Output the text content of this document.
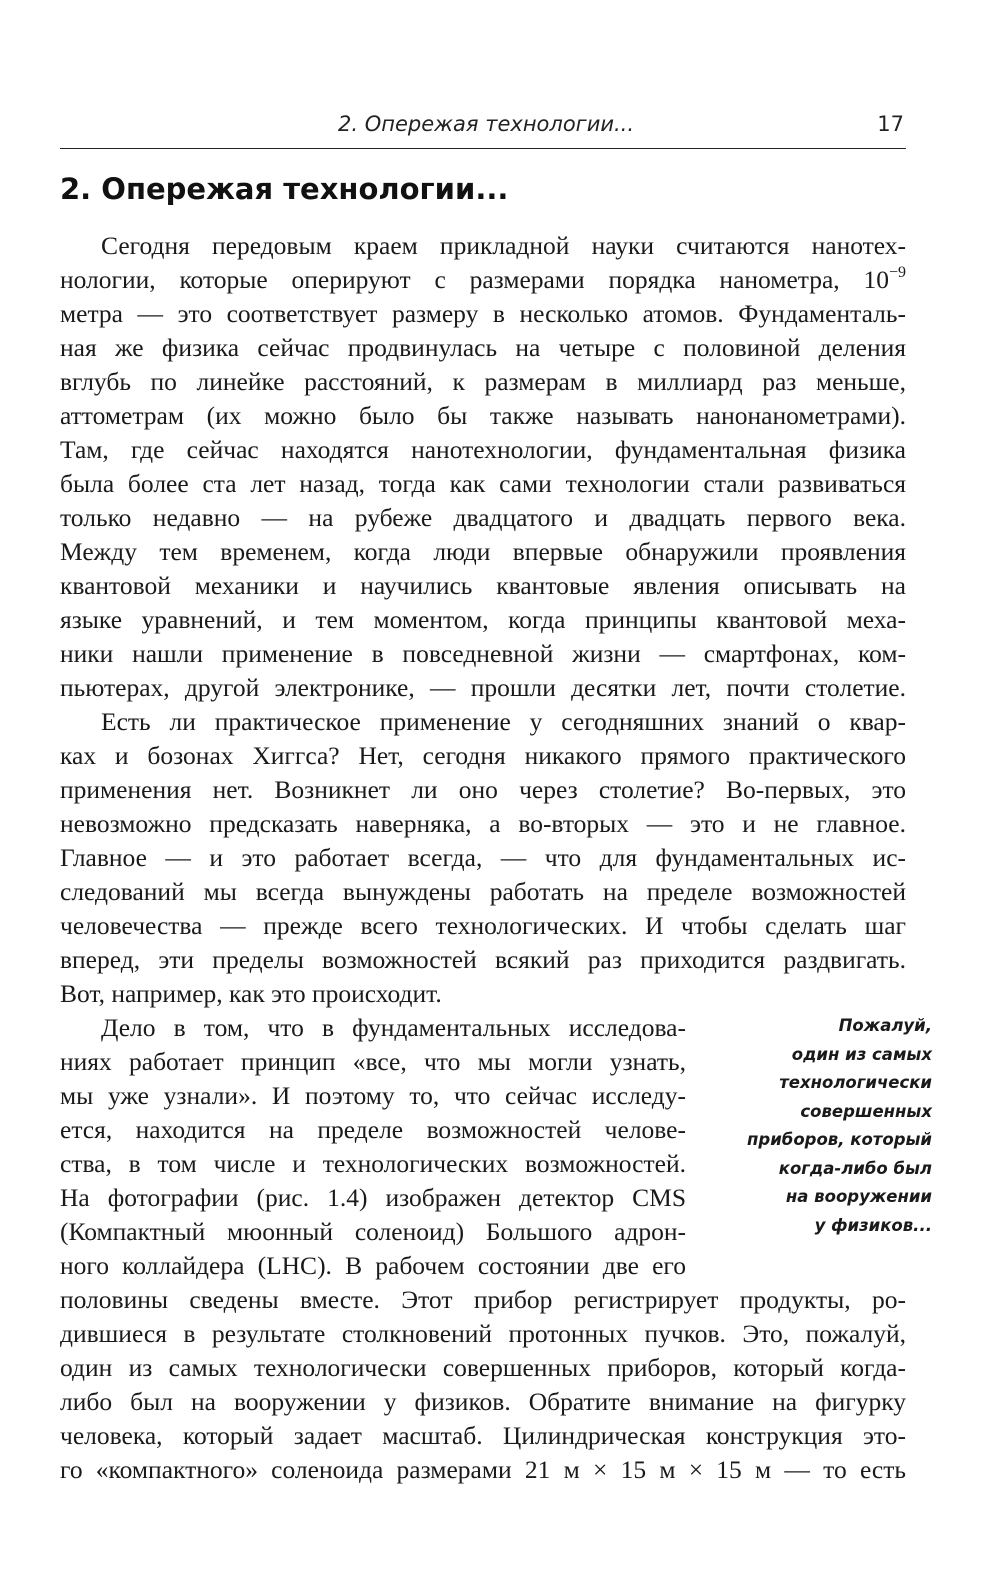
2. Опережая технологии...	17
2. Опережая технологии...

Сегодня передовым краем прикладной науки считаются нанотех-

нологии, которые оперируют с размерами порядка нанометра, $10^{-9}$

метра — это соответствует размеру в несколько атомов. Фундаменталь-

ная же физика сейчас продвинулась на четыре с половиной деления

вглубь по линейке расстояний, к размерам в миллиард раз меньше,

аттометрам (их можно было бы также называть нанонанометрами).

Там, где сейчас находятся нанотехнологии, фундаментальная физика

была более ста лет назад, тогда как сами технологии стали развиваться

только недавно — на рубеже двадцатого и двадцать первого века.

Между тем временем, когда люди впервые обнаружили проявления

квантовой механики и научились квантовые явления описывать на

языке уравнений, и тем моментом, когда принципы квантовой меха-

ники нашли применение в повседневной жизни — смартфонах, ком-

пьютерах, другой электронике, — прошли десятки лет, почти столетие.

Есть ли практическое применение у сегодняшних знаний о квар-

ках и бозонах Хиггса? Нет, сегодня никакого прямого практического

применения нет. Возникнет ли оно через столетие? Во-первых, это

невозможно предсказать наверняка, а во-вторых — это и не главное.

Главное — и это работает всегда, — что для фундаментальных ис-

следований мы всегда вынуждены работать на пределе возможностей

человечества — прежде всего технологических. И чтобы сделать шаг

вперед, эти пределы возможностей всякий раз приходится раздвигать.

Вот, например, как это происходит.

Дело в том, что в фундаментальных исследова-

ниях работает принцип «все, что мы могли узнать,

мы уже узнали». И поэтому то, что сейчас исследу-

ется, находится на пределе возможностей челове-

ства, в том числе и технологических возможностей.

На фотографии (рис. 1.4) изображен детектор CMS

(Компактный мюонный соленоид) Большого адрон-

ного коллайдера (LHC). В рабочем состоянии две его

половины сведены вместе. Этот прибор регистрирует продукты, ро-

дившиеся в результате столкновений протонных пучков. Это, пожалуй,

один из самых технологически совершенных приборов, который когда-

либо был на вооружении у физиков. Обратите внимание на фигурку

человека, который задает масштаб. Цилиндрическая конструкция это-

го «компактного» соленоида размерами 21 м × 15 м × 15 м — то есть

Пожалуй,
один из самых
технологически
совершенных
приборов, который
когда-либо был
на вооружении
у физиков...
